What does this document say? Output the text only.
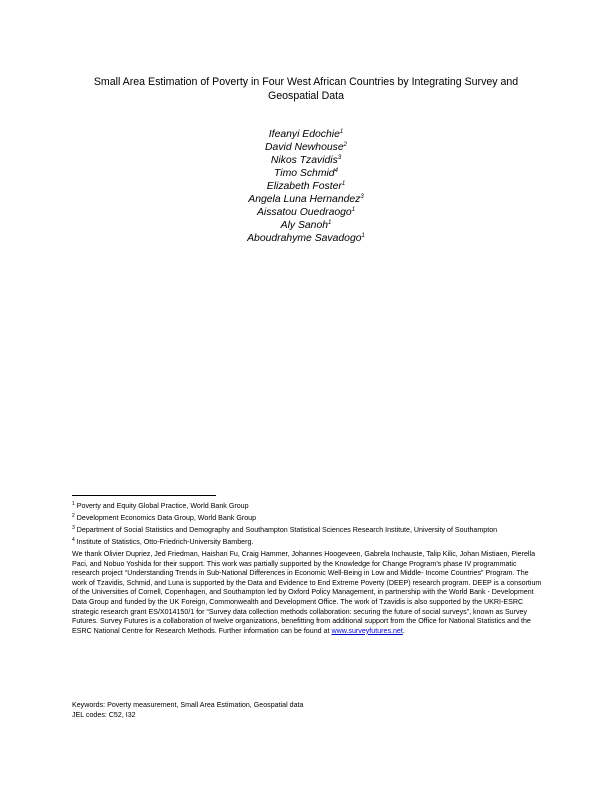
Small Area Estimation of Poverty in Four West African Countries by Integrating Survey and Geospatial Data
Ifeanyi Edochie$^1$
David Newhouse$^2$
Nikos Tzavidis$^3$
Timo Schmid$^4$
Elizabeth Foster$^1$
Angela Luna Hernandez$^3$
Aissatou Ouedraogo$^1$
Aly Sanoh$^1$
Aboudrahyme Savadogo$^1$

$^1$ Poverty and Equity Global Practice, World Bank Group

$^2$ Development Economics Data Group, World Bank Group

$^3$ Department of Social Statistics and Demography and Southampton Statistical Sciences Research Institute, University of Southampton

$^4$ Institute of Statistics, Otto-Friedrich-University Bamberg.

We thank Olivier Dupriez, Jed Friedman, Haishan Fu, Craig Hammer, Johannes Hoogeveen, Gabrela Inchauste, Talip Kilic, Johan Mistiaen, Pierella Paci, and Nobuo Yoshida for their support. This work was partially supported by the Knowledge for Change Program’s phase IV programmatic research project “Understanding Trends in Sub-National Differences in Economic Well-Being in Low and Middle- Income Countries” Program. The work of Tzavidis, Schmid, and Luna is supported by the Data and Evidence to End Extreme Poverty (DEEP) research program. DEEP is a consortium of the Universities of Cornell, Copenhagen, and Southampton led by Oxford Policy Management, in partnership with the World Bank - Development Data Group and funded by the UK Foreign, Commonwealth and Development Office. The work of Tzavidis is also supported by the UKRI-ESRC strategic research grant ES/X014150/1 for “Survey data collection methods collaboration: securing the future of social surveys”, known as Survey Futures. Survey Futures is a collaboration of twelve organizations, benefitting from additional support from the Office for National Statistics and the ESRC National Centre for Research Methods. Further information can be found at www.surveyfutures.net.

Keywords: Poverty measurement, Small Area Estimation, Geospatial data
JEL codes: C52, I32
